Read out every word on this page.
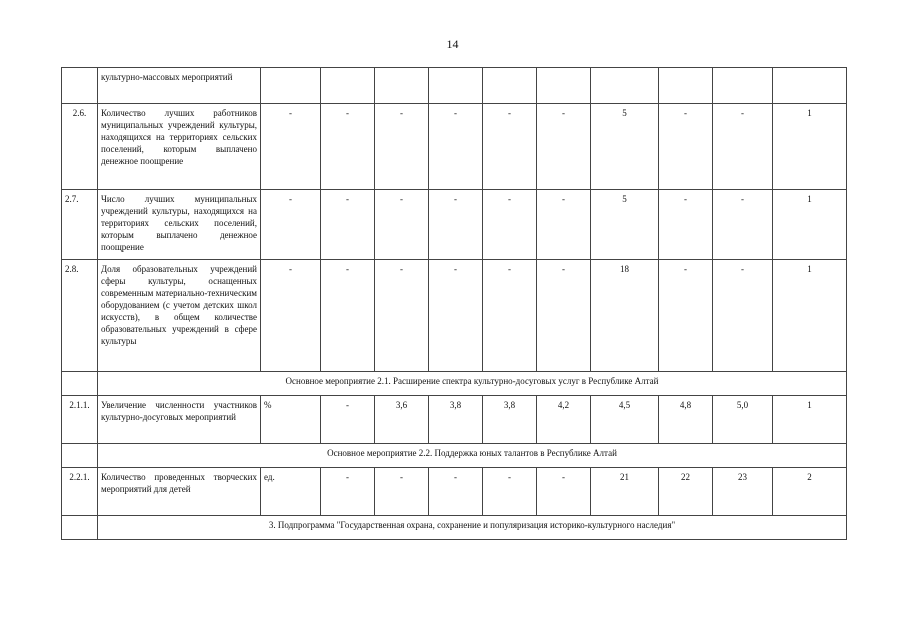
14
	культурно-массовых мероприятий										
2.6.	Количество лучших работников муниципальных учреждений культуры, находящихся на территориях сельских поселений, которым выплачено денежное поощрение	-	-	-	-	-	-	5	-	-	1
2.7.	Число лучших муниципальных учреждений культуры, находящихся на территориях сельских поселений, которым выплачено денежное поощрение	-	-	-	-	-	-	5	-	-	1
2.8.	Доля образовательных учреждений сферы культуры, оснащенных современным материально-техническим оборудованием (с учетом детских школ искусств), в общем количестве образовательных учреждений в сфере культуры	-	-	-	-	-	-	18	-	-	1
	Основное мероприятие 2.1. Расширение спектра культурно-досуговых услуг в Республике Алтай										
2.1.1.	Увеличение численности участников культурно-досуговых мероприятий	%	-	3,6	3,8	3,8	4,2	4,5	4,8	5,0	1
	Основное мероприятие 2.2. Поддержка юных талантов в Республике Алтай										
2.2.1.	Количество проведенных творческих мероприятий для детей	ед.	-	-	-	-	-	21	22	23	2
	3. Подпрограмма "Государственная охрана, сохранение и популяризация историко-культурного наследия"										
